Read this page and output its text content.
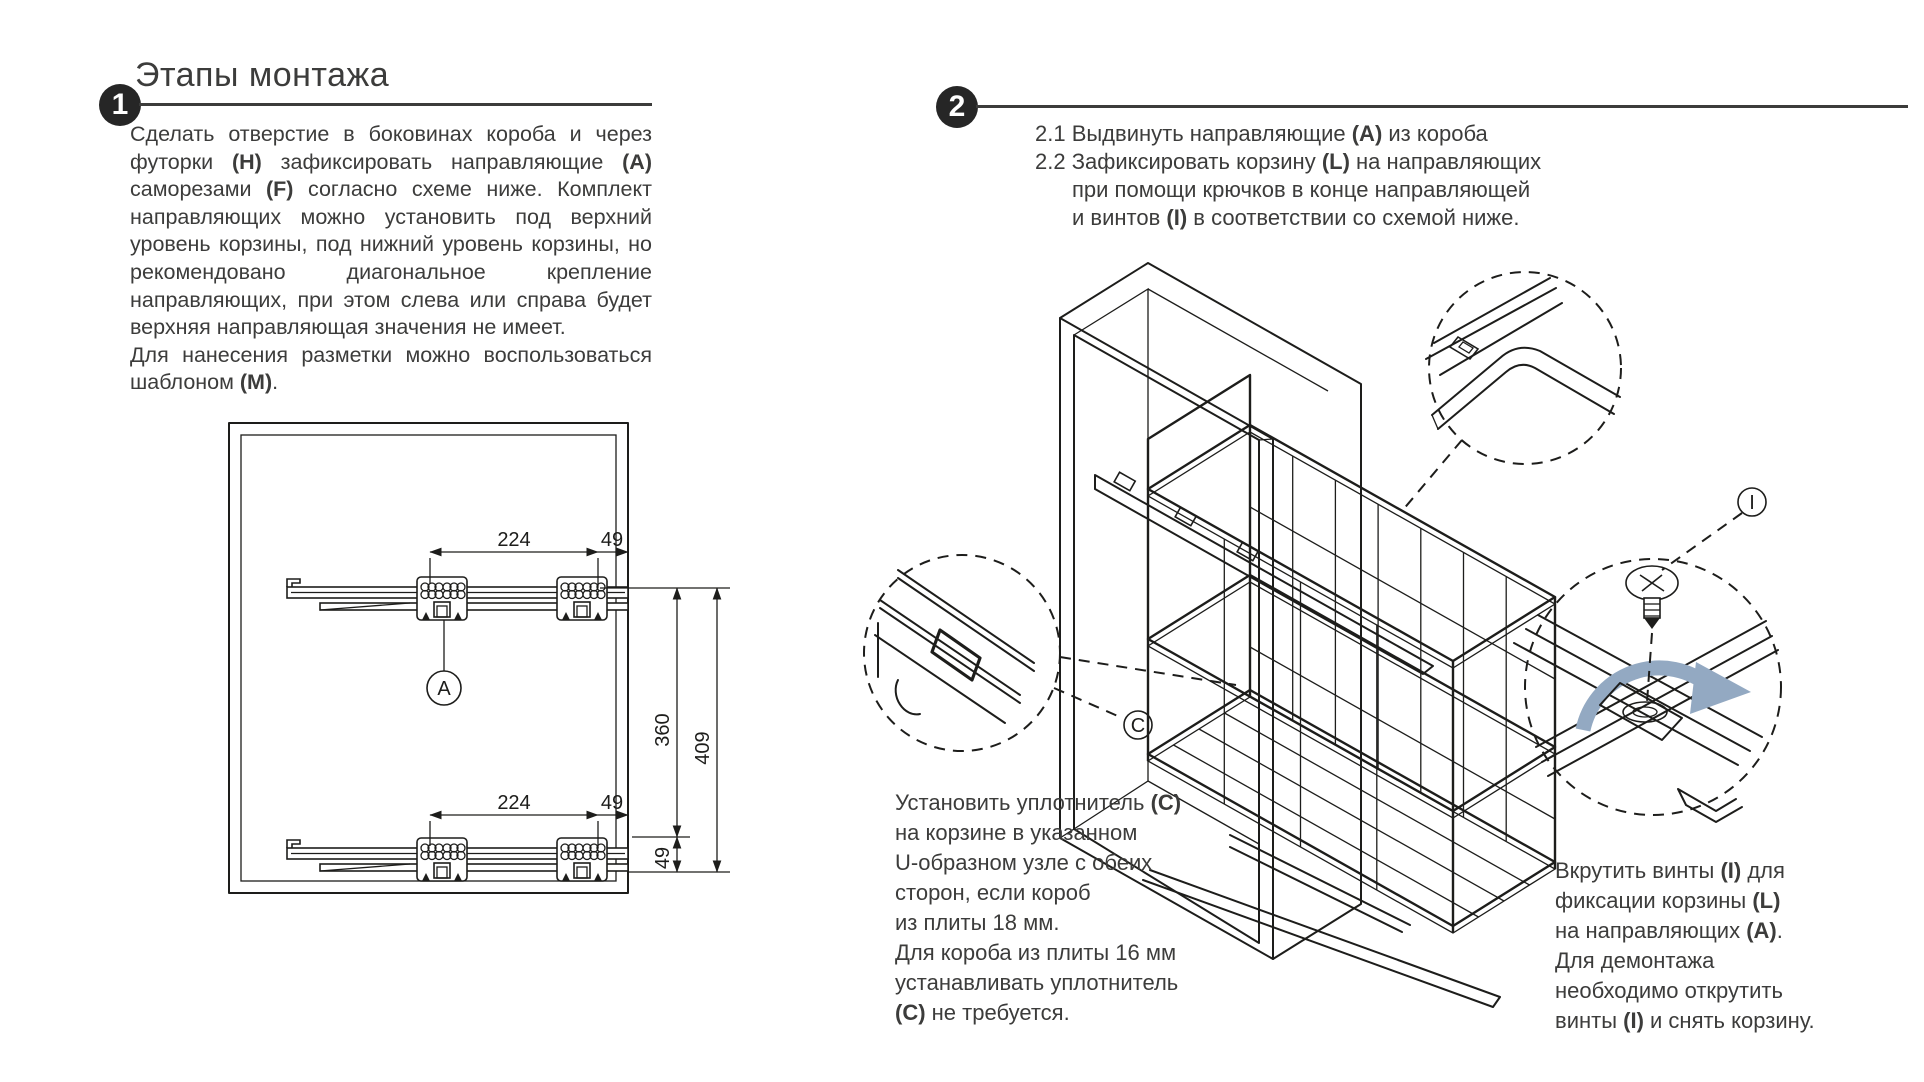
1
Этапы монтажа

Сделать отверстие в боковинах короба и через футорки (H) зафиксировать направляющие (A) саморезами (F) согласно схеме ниже. Комплект направляющих можно установить под верхний уровень корзины, под нижний уровень корзины, но рекомендовано диагональное крепление направляющих, при этом слева или справа будет верхняя направляющая значения не имеет.

Для нанесения разметки можно воспользоваться шаблоном (M).

224	49
224	49
360
49
409
A
2
2.1 Выдвинуть направляющие (A) из короба
2.2 Зафиксировать корзину (L) на направляющих
при помощи крючков в конце направляющей
и винтов (I) в соответствии со схемой ниже.
C
I
Установить уплотнитель (C)
на корзине в указанном
U-образном узле с обеих
сторон, если короб
из плиты 18 мм.
Для короба из плиты 16 мм
устанавливать уплотнитель
(C) не требуется.
Вкрутить винты (I) для
фиксации корзины (L)
на направляющих (A).
Для демонтажа
необходимо открутить
винты (I) и снять корзину.
